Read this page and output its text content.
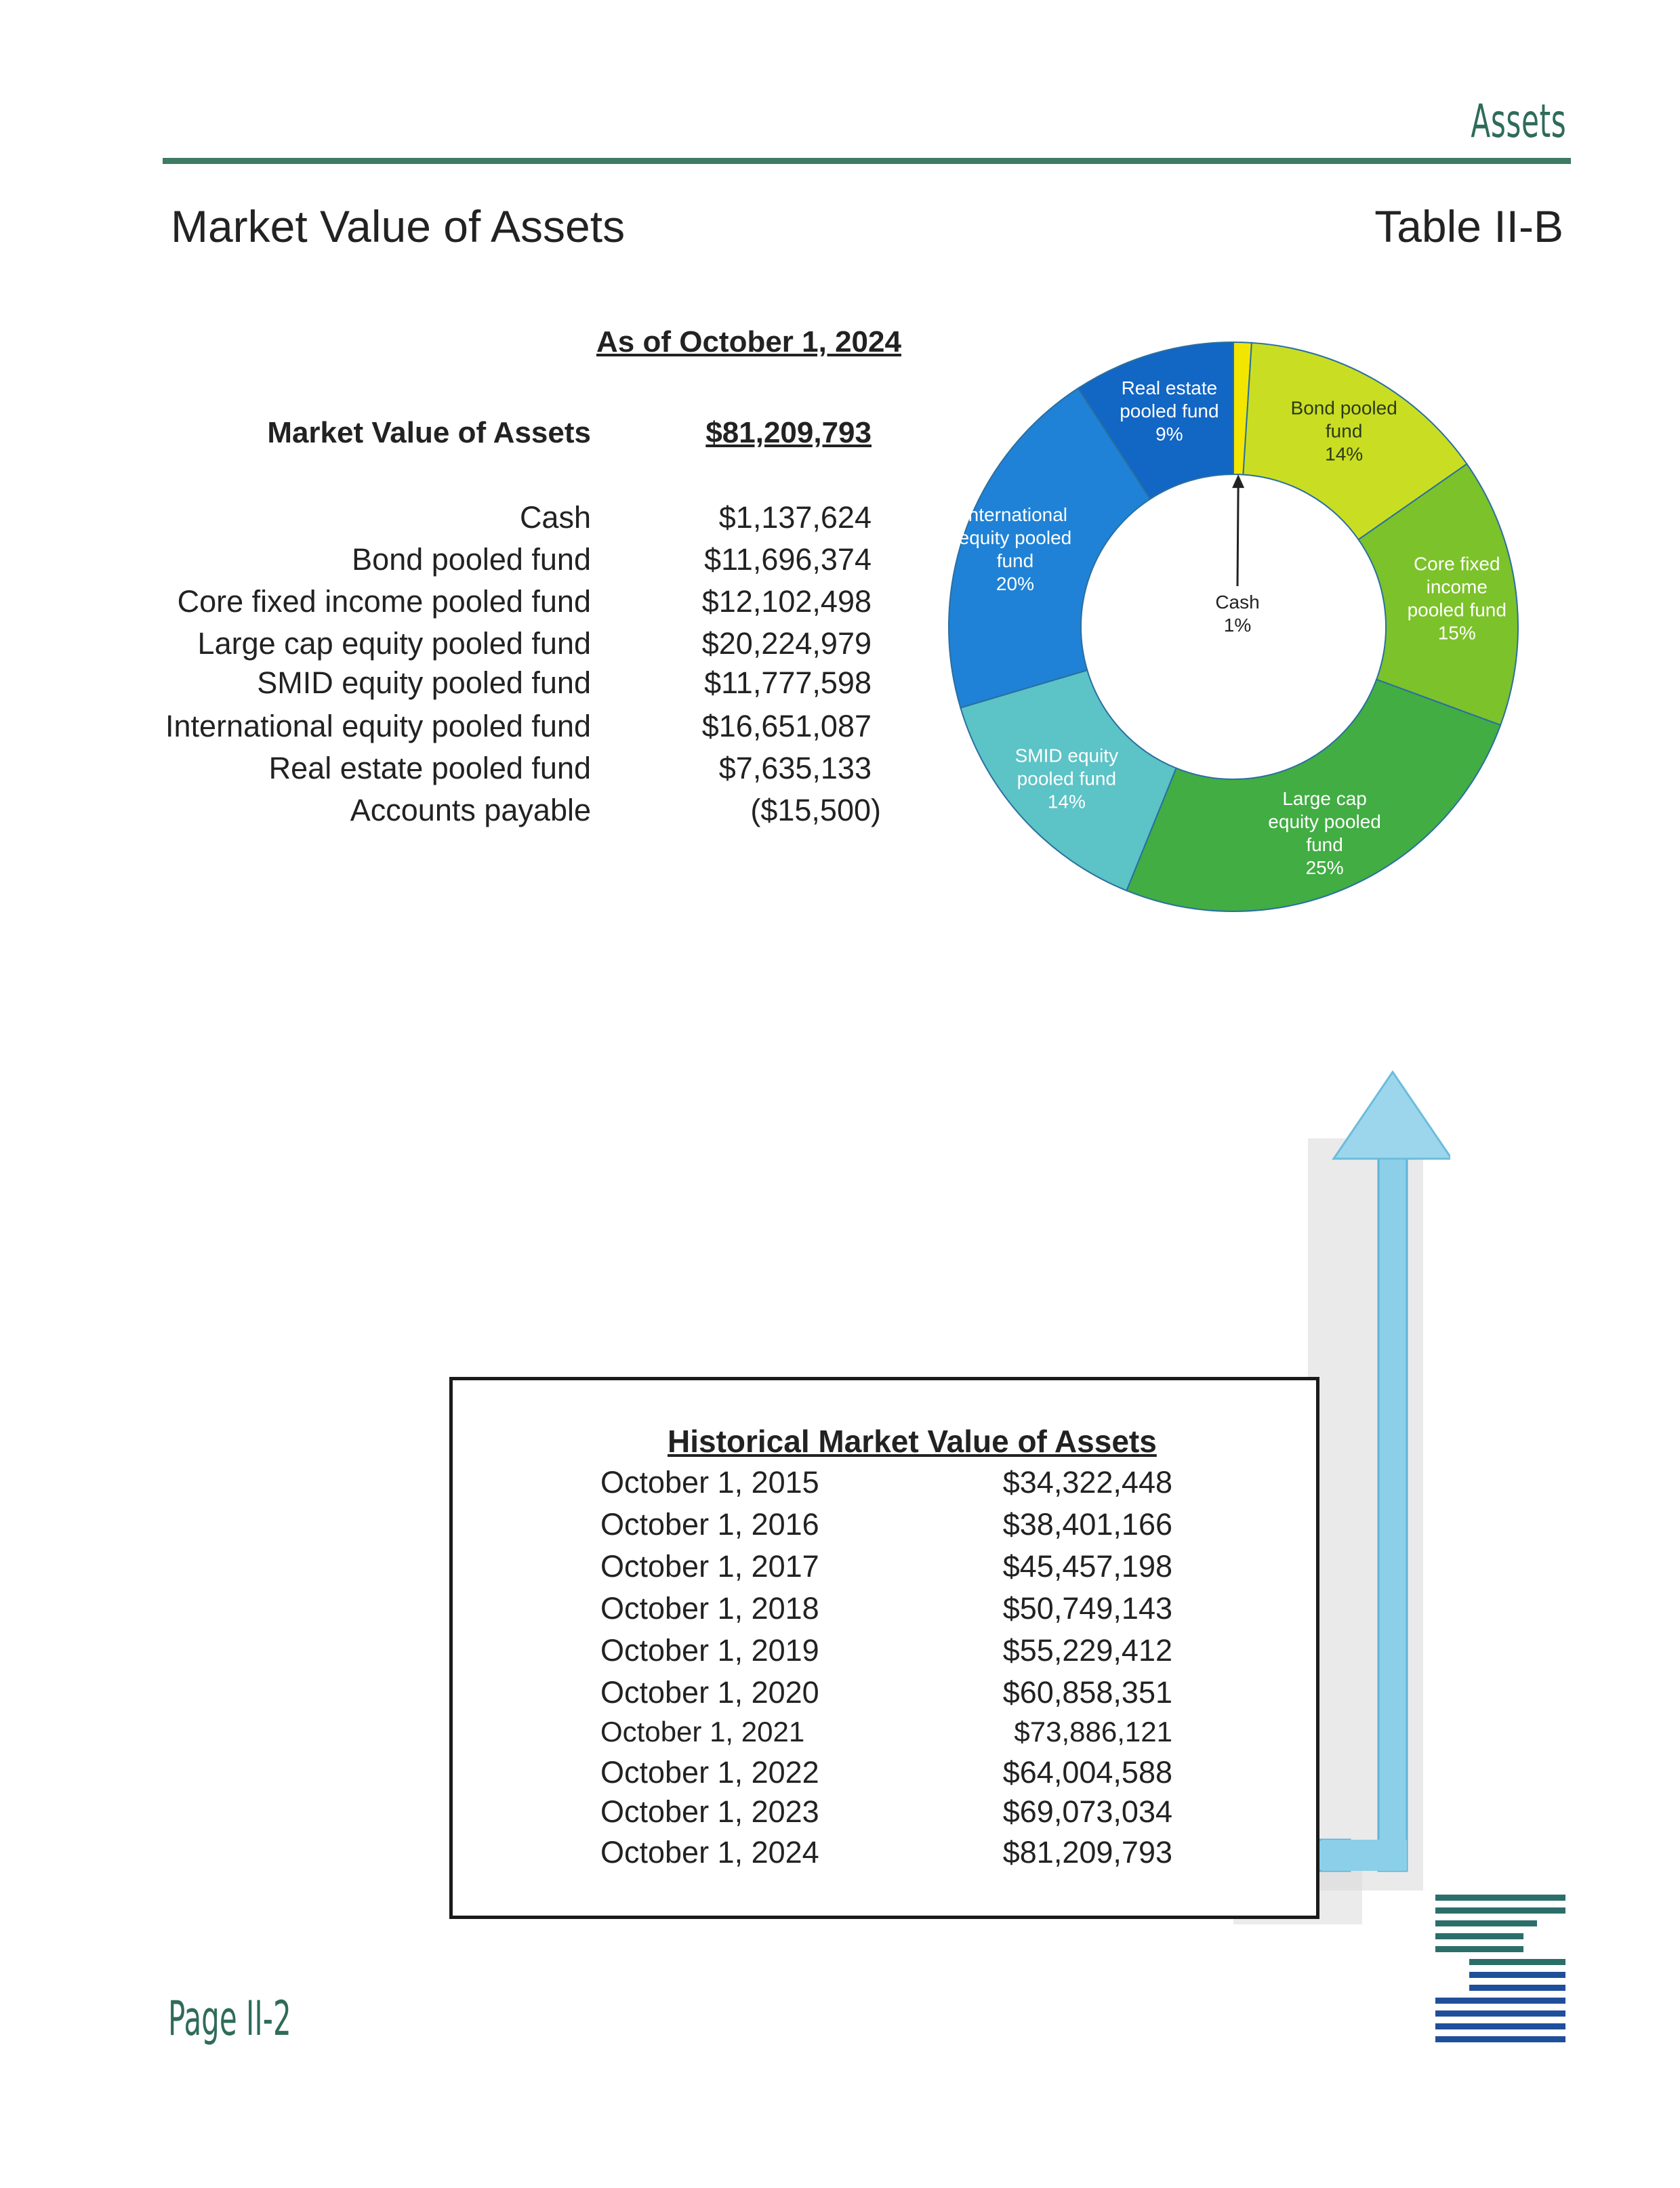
Assets
Market Value of Assets	Table II-B
As of October 1, 2024
Market Value of Assets	$81,209,793
Cash	$1,137,624
Bond pooled fund	$11,696,374
Core fixed income pooled fund	$12,102,498
Large cap equity pooled fund	$20,224,979
SMID equity pooled fund	$11,777,598
International equity pooled fund	$16,651,087
Real estate pooled fund	$7,635,133
Accounts payable	($15,500)
Cash 1%
Bond pooled fund 14%
Core fixed income pooled fund 15%
Large cap equity pooled fund 25%
SMID equity pooled fund 14%
International equity pooled fund 20%
Real estate pooled fund 9%
Historical Market Value of Assets
October 1, 2015	$34,322,448
October 1, 2016	$38,401,166
October 1, 2017	$45,457,198
October 1, 2018	$50,749,143
October 1, 2019	$55,229,412
October 1, 2020	$60,858,351
October 1, 2021	$73,886,121
October 1, 2022	$64,004,588
October 1, 2023	$69,073,034
October 1, 2024	$81,209,793
Page II-2
